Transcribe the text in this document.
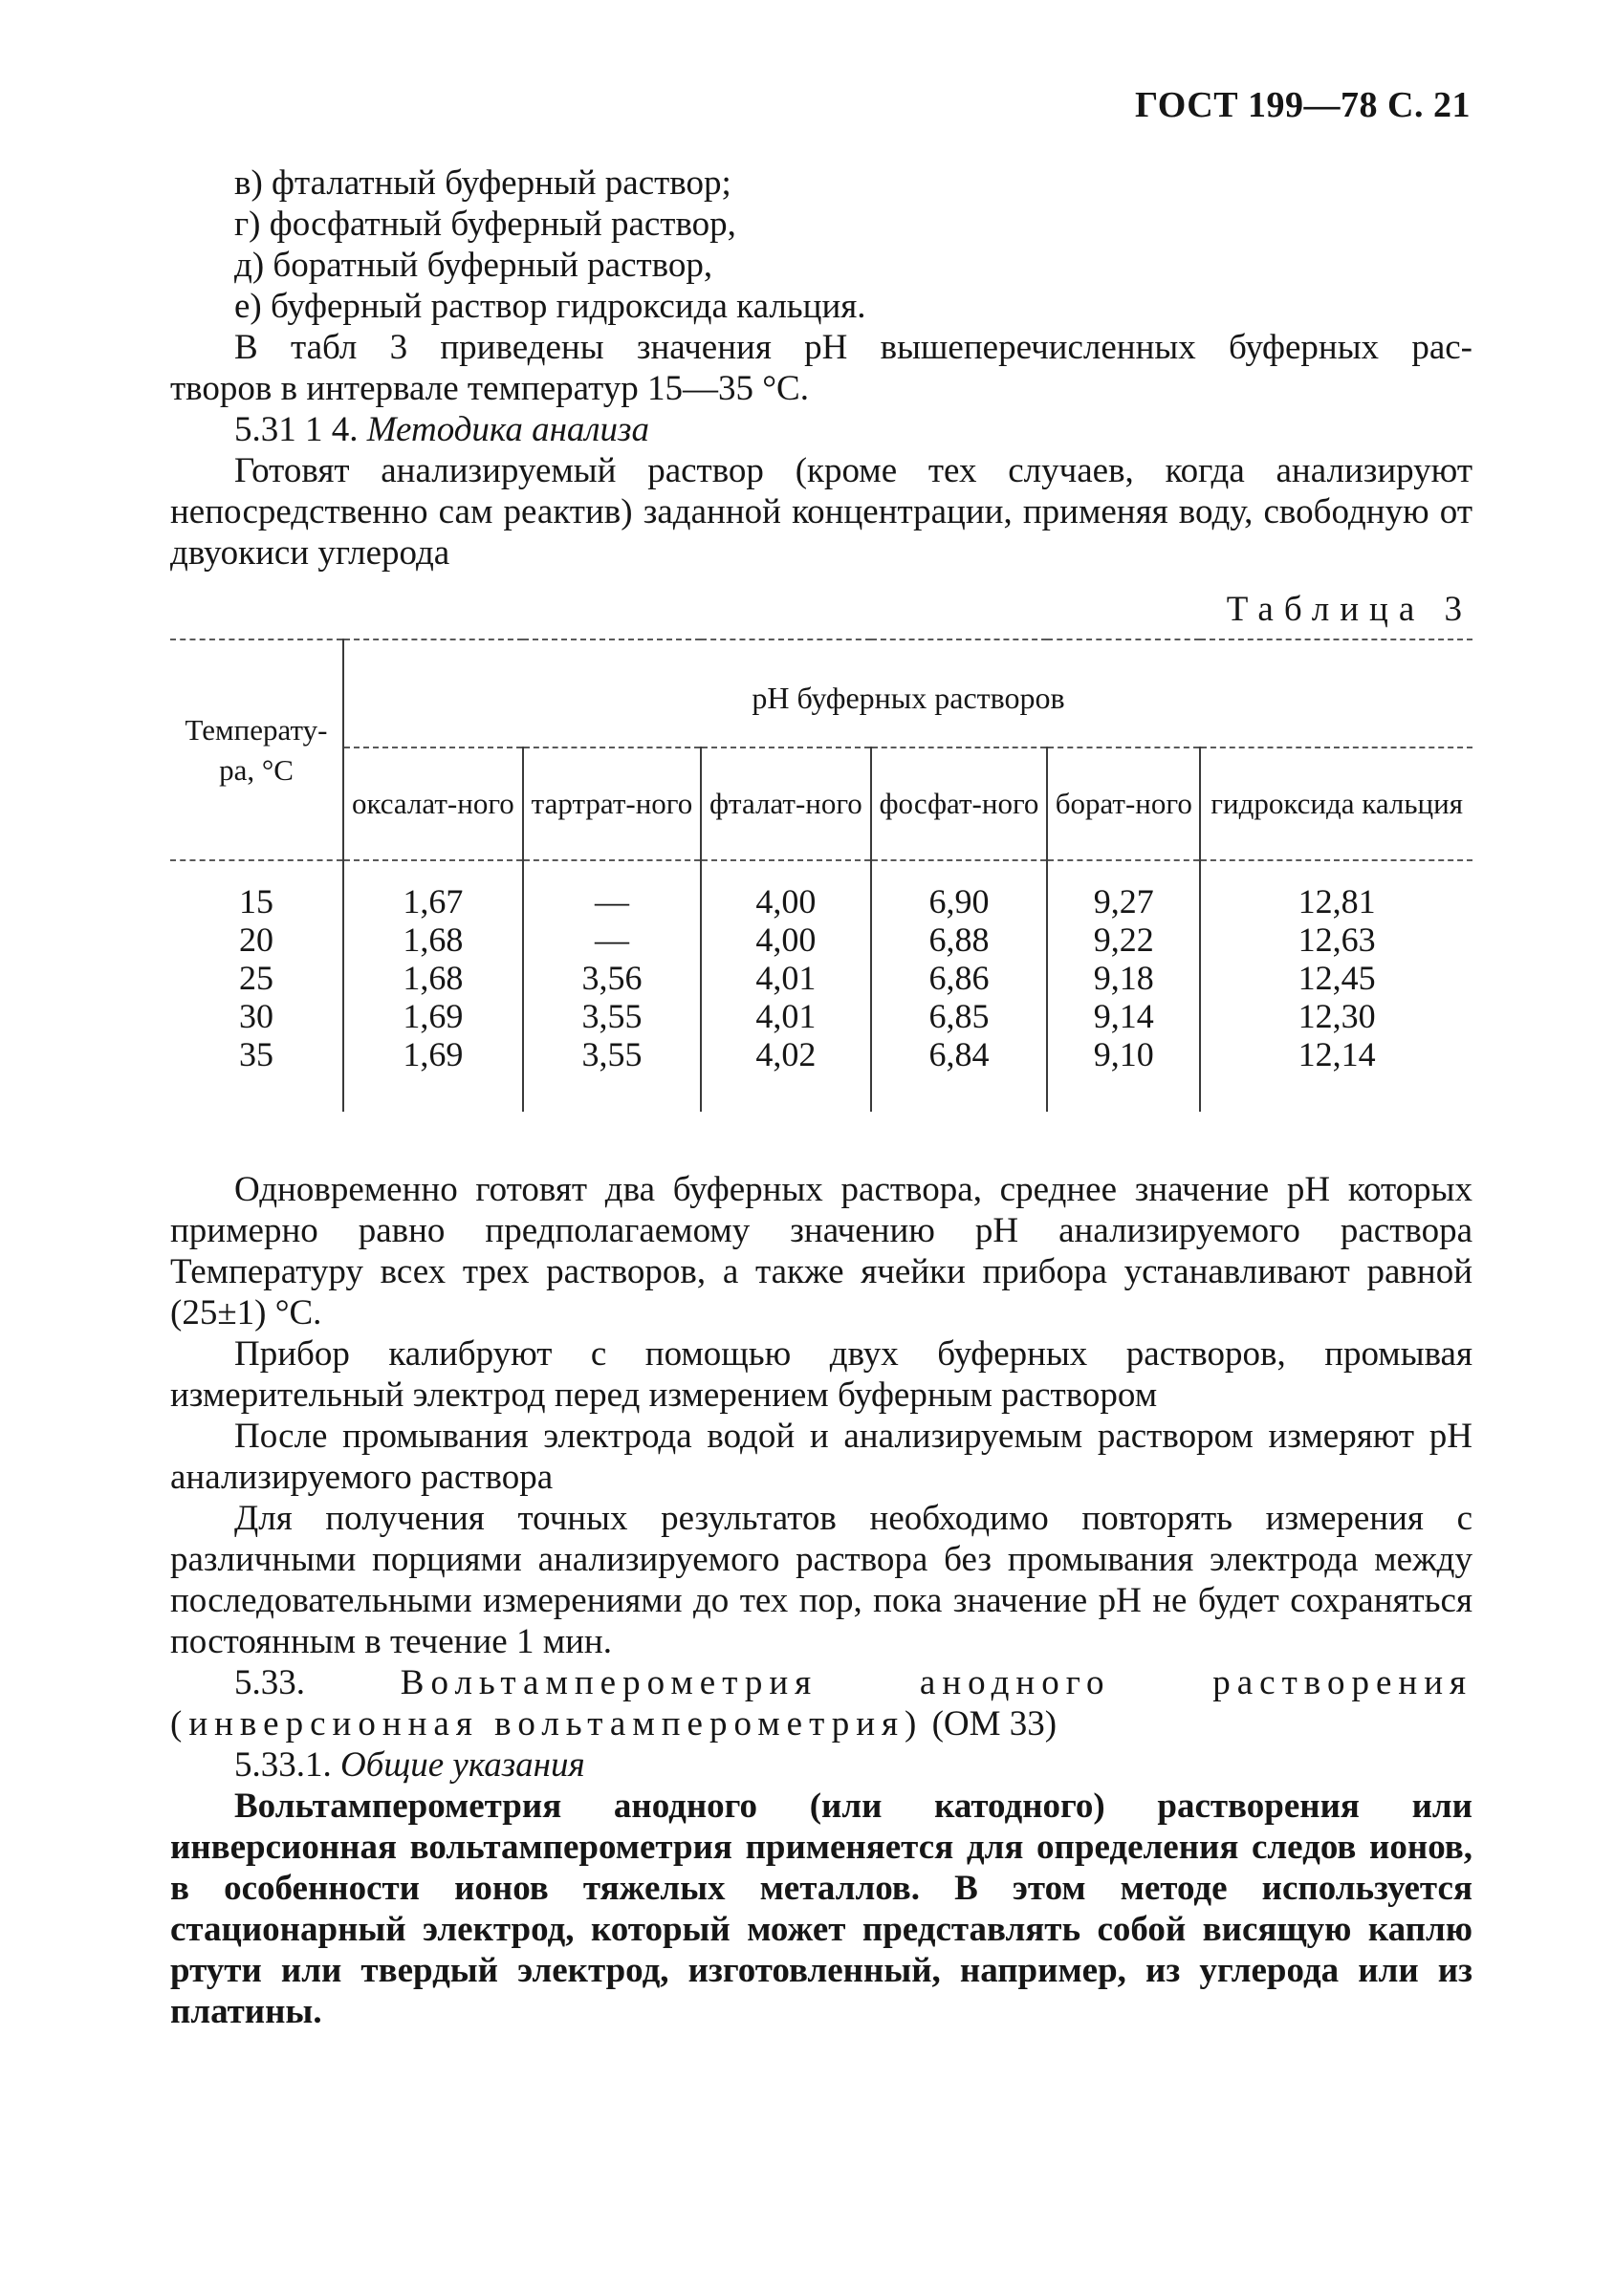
ГОСТ 199—78 С. 21

в) фталатный буферный раствор;

г) фосфатный буферный раствор,

д) боратный буферный раствор,

е) буферный раствор гидроксида кальция.

В табл 3 приведены значения pH вышеперечисленных буферных рас-

творов в интервале температур 15—35 °С.

5.31 1 4. Методика анализа

Готовят анализируемый раствор (кроме тех случаев, когда анализируют непосредственно сам реактив) заданной концентрации, применяя воду, свободную от двуокиси углерода

Таблица 3
Температу-ра, °С	pH буферных растворов					
	оксалат-ного	тартрат-ного	фталат-ного	фосфат-ного	борат-ного	гидроксида кальция
15	1,67	—	4,00	6,90	9,27	12,81
20	1,68	—	4,00	6,88	9,22	12,63
25	1,68	3,56	4,01	6,86	9,18	12,45
30	1,69	3,55	4,01	6,85	9,14	12,30
35	1,69	3,55	4,02	6,84	9,10	12,14

Одновременно готовят два буферных раствора, среднее значение pH которых примерно равно предполагаемому значению pH анализируемого раствора Температуру всех трех растворов, а также ячейки прибора устанавливают равной (25±1) °С.

Прибор калибруют с помощью двух буферных растворов, промывая измерительный электрод перед измерением буферным раствором

После промывания электрода водой и анализируемым раствором измеряют pH анализируемого раствора

Для получения точных результатов необходимо повторять измерения с различными порциями анализируемого раствора без промывания электрода между последовательными измерениями до тех пор, пока значение pH не будет сохраняться постоянным в течение 1 мин.

5.33.	Вольтамперометрия анодного растворения

(инверсионная вольтамперометрия) (ОМ 33)

5.33.1. Общие указания

Вольтамперометрия анодного (или катодного) растворения или инверсионная вольтамперометрия применяется для определения следов ионов, в особенности ионов тяжелых металлов. В этом методе используется стационарный электрод, который может представлять собой висящую каплю ртути или твердый электрод, изготовленный, например, из углерода или из платины.
